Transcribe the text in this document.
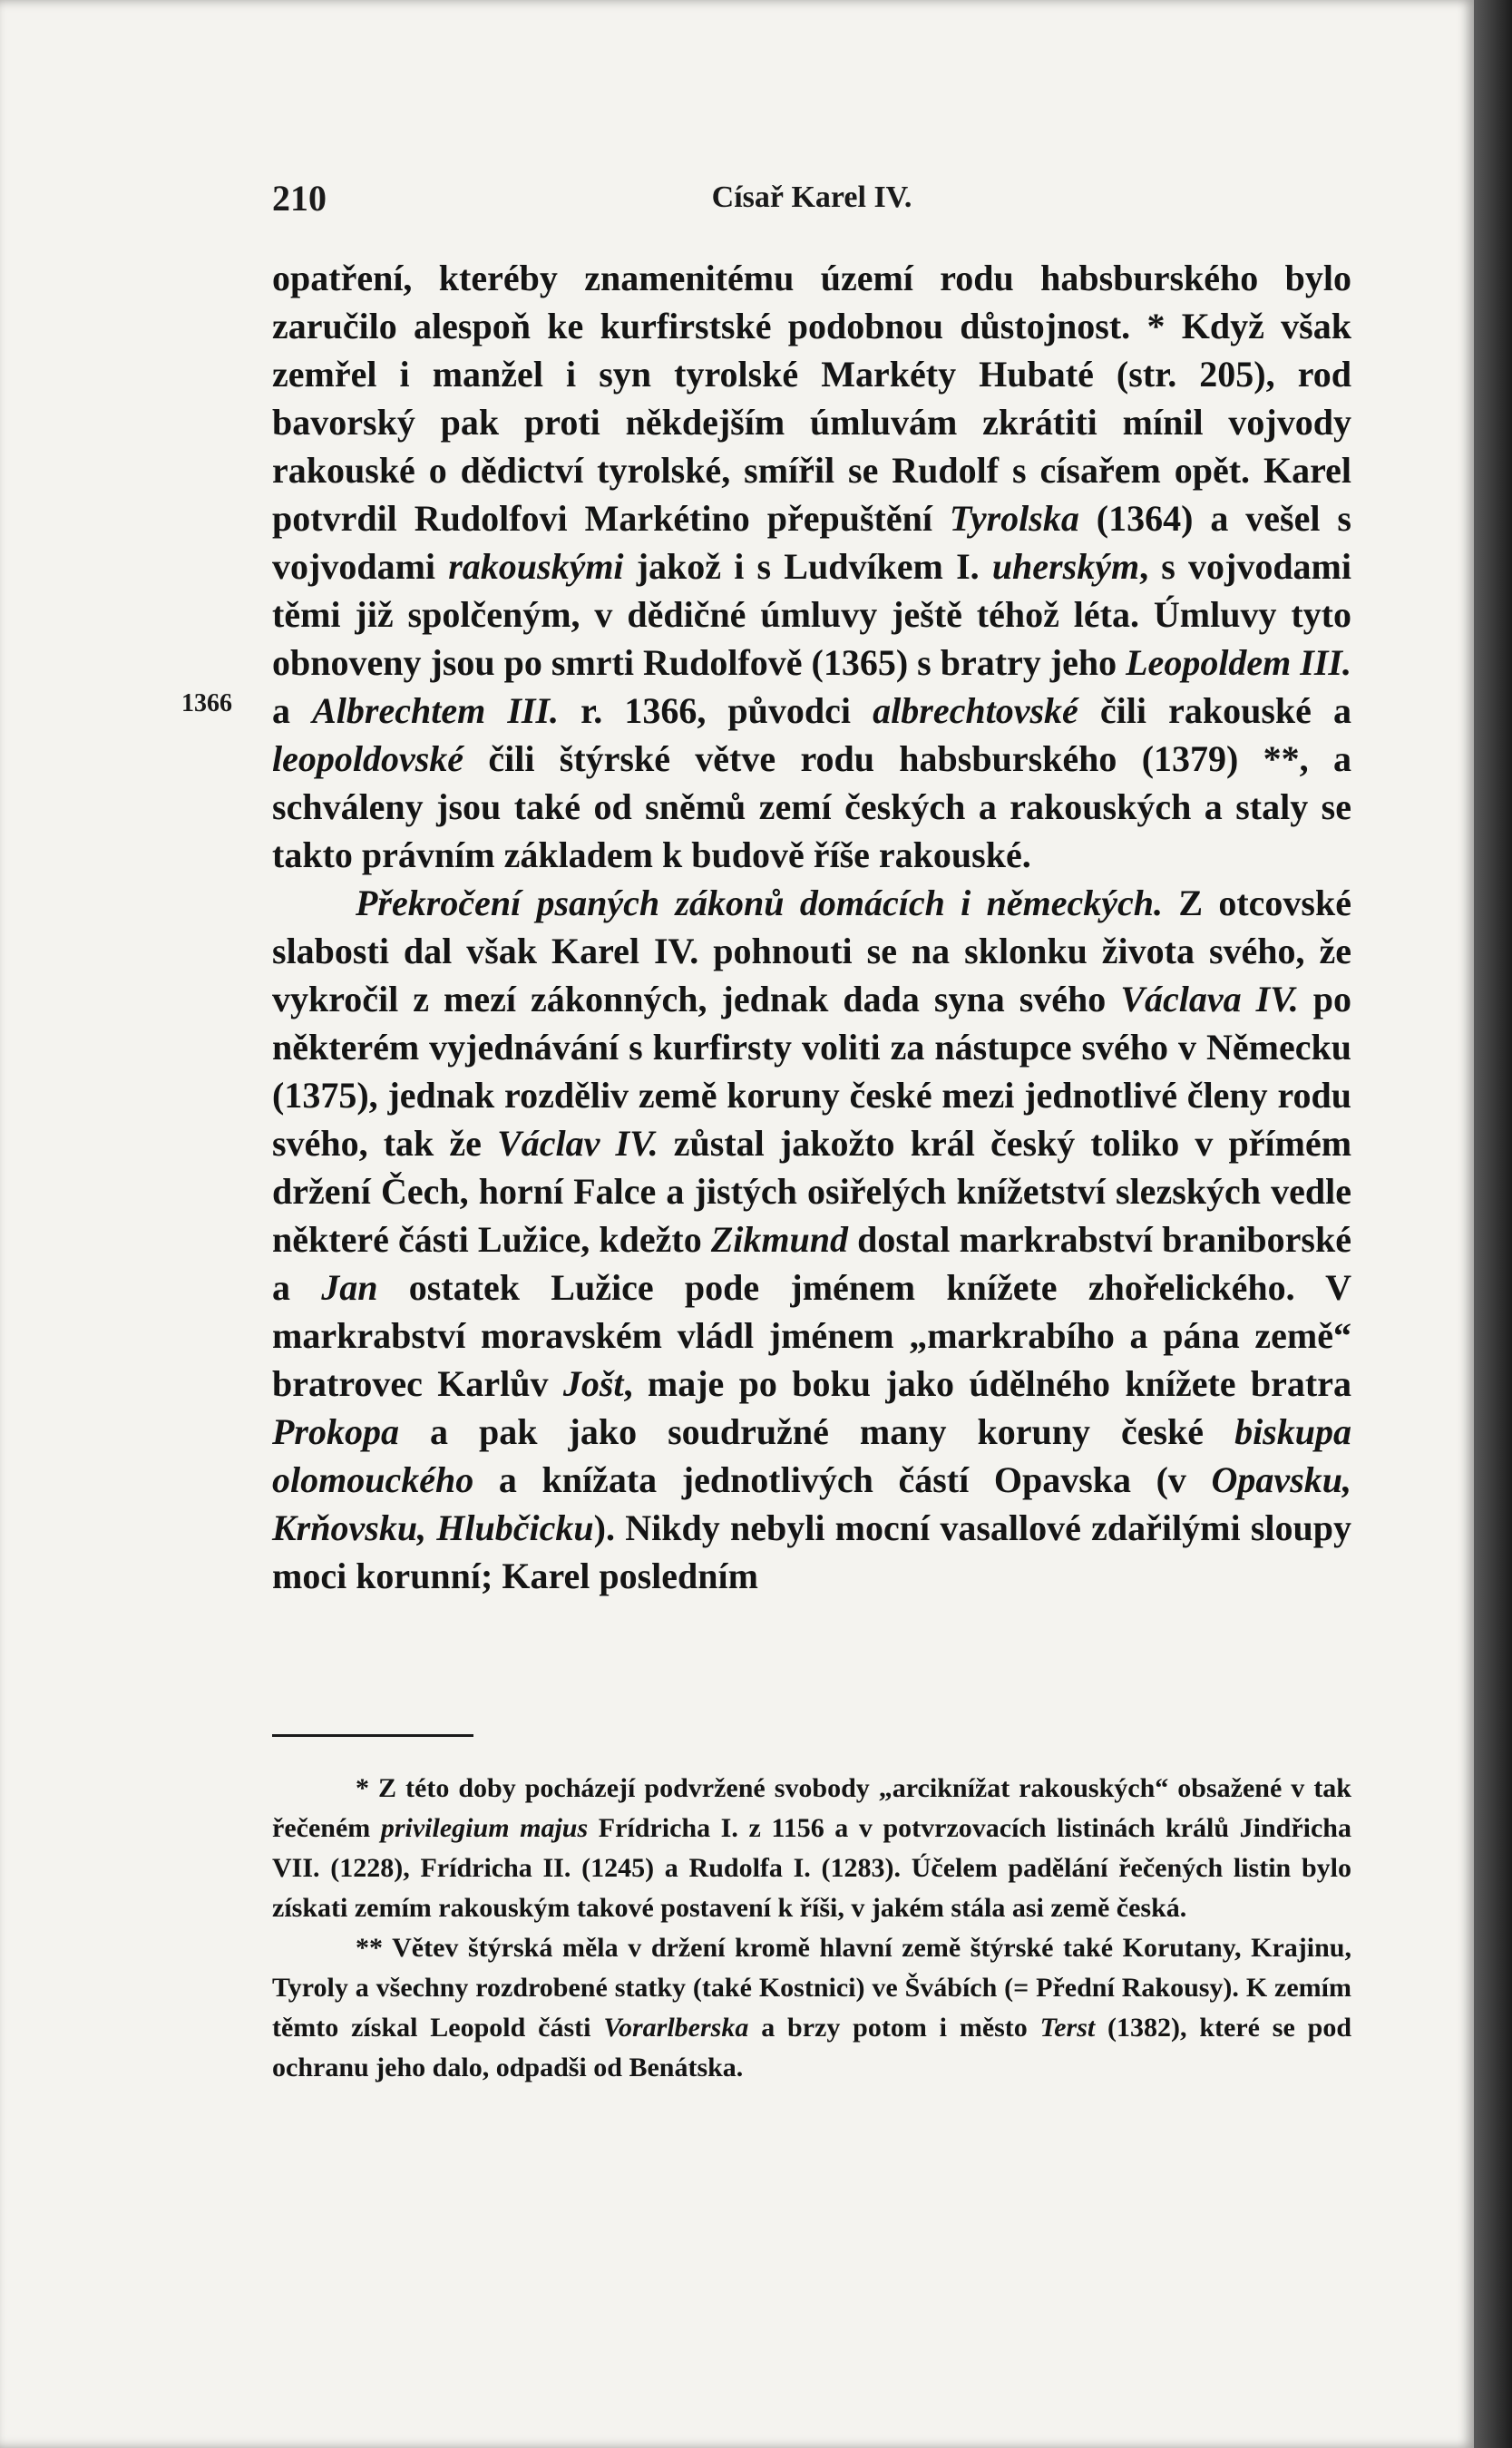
210	Císař Karel IV.
1366

opatření, kteréby znamenitému území rodu habsburského bylo zaručilo alespoň ke kurfirstské podobnou důstojnost. * Když však zemřel i manžel i syn tyrolské Markéty Hubaté (str. 205), rod bavorský pak proti někdejším úmluvám zkrátiti mínil vojvody rakouské o dědictví tyrolské, smířil se Rudolf s císařem opět. Karel potvrdil Rudolfovi Markétino přepuštění Tyrolska (1364) a vešel s vojvodami rakouskými jakož i s Ludvíkem I. uherským, s vojvodami těmi již spolčeným, v dědičné úmluvy ještě téhož léta. Úmluvy tyto obnoveny jsou po smrti Rudolfově (1365) s bratry jeho Leopoldem III. a Albrechtem III. r. 1366, původci albrechtovské čili rakouské a leopoldovské čili štýrské větve rodu habsburského (1379) **, a schváleny jsou také od sněmů zemí českých a rakouských a staly se takto právním základem k budově říše rakouské.

Překročení psaných zákonů domácích i německých. Z otcovské slabosti dal však Karel IV. pohnouti se na sklonku života svého, že vykročil z mezí zákonných, jednak dada syna svého Václava IV. po některém vyjednávání s kurfirsty voliti za nástupce svého v Německu (1375), jednak rozděliv země koruny české mezi jednotlivé členy rodu svého, tak že Václav IV. zůstal jakožto král český toliko v přímém držení Čech, horní Falce a jistých osiřelých knížetství slezských vedle některé části Lužice, kdežto Zikmund dostal markrabství braniborské a Jan ostatek Lužice pode jménem knížete zhořelického. V markrabství moravském vládl jménem „markrabího a pána země“ bratrovec Karlův Jošt, maje po boku jako údělného knížete bratra Prokopa a pak jako soudružné many koruny české biskupa olomouckého a knížata jednotlivých částí Opavska (v Opavsku, Krňovsku, Hlubčicku). Nikdy nebyli mocní vasallové zdařilými sloupy moci korunní; Karel posledním

* Z této doby pocházejí podvržené svobody „arciknížat rakouských“ obsažené v tak řečeném privilegium majus Frídricha I. z 1156 a v potvrzovacích listinách králů Jindřicha VII. (1228), Frídricha II. (1245) a Rudolfa I. (1283). Účelem padělání řečených listin bylo získati zemím rakouským takové postavení k říši, v jakém stála asi země česká.

** Větev štýrská měla v držení kromě hlavní země štýrské také Korutany, Krajinu, Tyroly a všechny rozdrobené statky (také Kostnici) ve Švábích (= Přední Rakousy). K zemím těmto získal Leopold části Vorarlberska a brzy potom i město Terst (1382), které se pod ochranu jeho dalo, odpadši od Benátska.
